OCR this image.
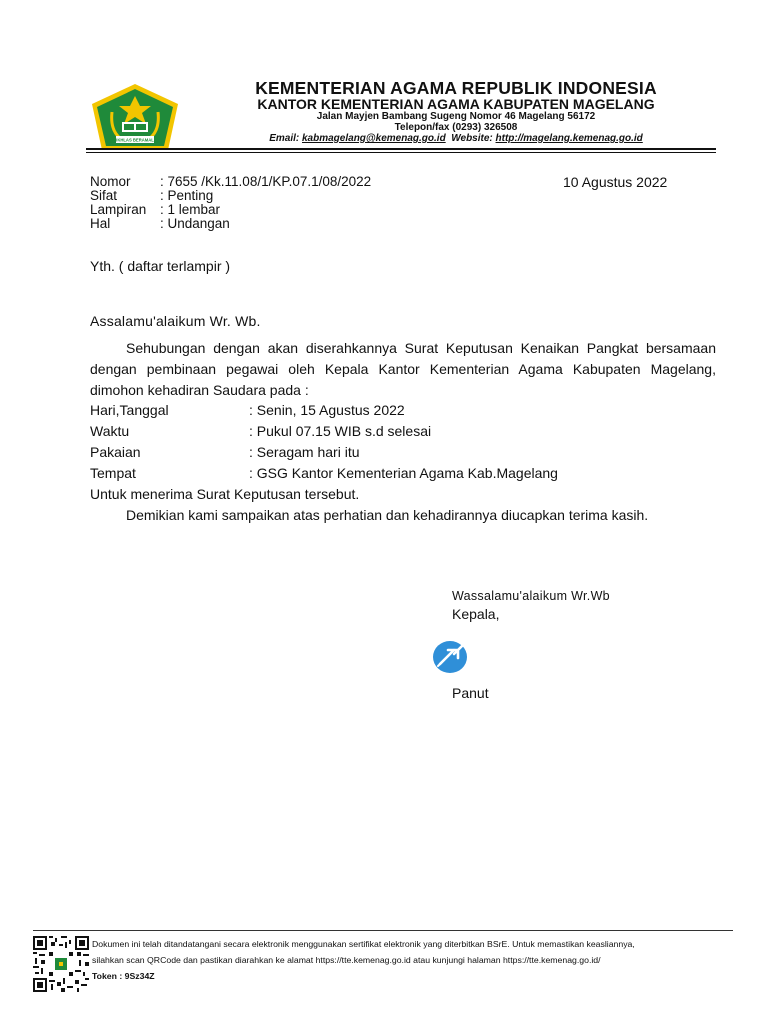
IKHLAS BERAMAL
KEMENTERIAN AGAMA REPUBLIK INDONESIA
KANTOR KEMENTERIAN AGAMA KABUPATEN MAGELANG
Jalan Mayjen Bambang Sugeng Nomor 46 Magelang 56172
Telepon/fax (0293) 326508
Email: kabmagelang@kemenag.go.id Website: http://magelang.kemenag.go.id
Nomor : 7655 /Kk.11.08/1/KP.07.1/08/2022
Sifat	: Penting
Lampiran : 1 lembar
Hal	: Undangan
10 Agustus 2022
Yth. ( daftar terlampir )
Assalamu'alaikum Wr. Wb.
Sehubungan dengan akan diserahkannya Surat Keputusan Kenaikan Pangkat bersamaan dengan pembinaan pegawai oleh Kepala Kantor Kementerian Agama Kabupaten Magelang, dimohon kehadiran Saudara pada :
Hari,Tanggal	: Senin, 15 Agustus 2022
Waktu	: Pukul 07.15 WIB s.d selesai
Pakaian	: Seragam hari itu
Tempat	: GSG Kantor Kementerian Agama Kab.Magelang
Untuk menerima Surat Keputusan tersebut.
Demikian kami sampaikan atas perhatian dan kehadirannya diucapkan terima kasih.
Wassalamu'alaikum Wr.Wb
Kepala,
Panut
Dokumen ini telah ditandatangani secara elektronik menggunakan sertifikat elektronik yang diterbitkan BSrE. Untuk memastikan keasliannya,
silahkan scan QRCode dan pastikan diarahkan ke alamat https://tte.kemenag.go.id atau kunjungi halaman https://tte.kemenag.go.id/
Token : 9Sz34Z
